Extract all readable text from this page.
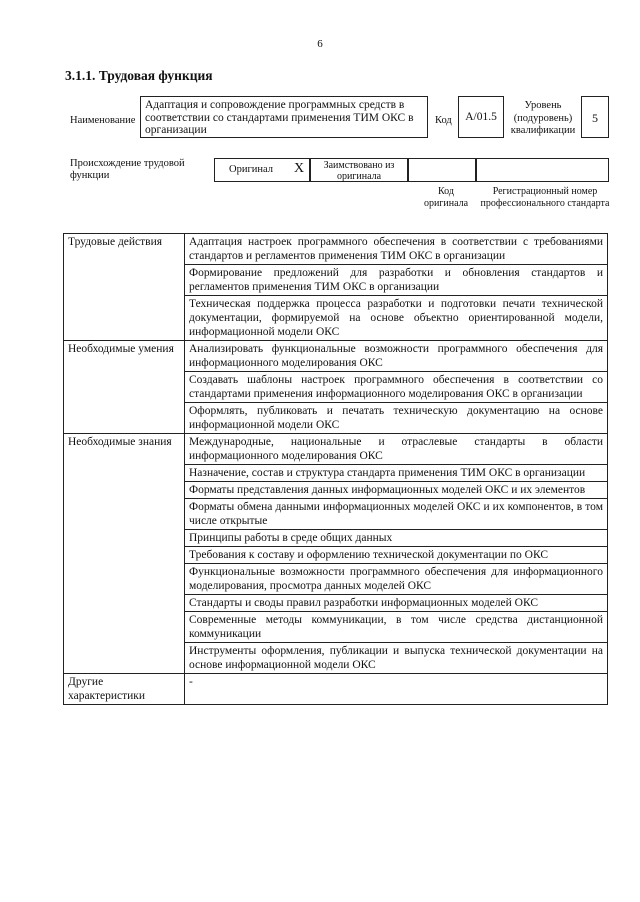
6
3.1.1. Трудовая функция
Наименование
Адаптация и сопровождение программных средств в соответствии со стандартами применения ТИМ ОКС в организации
Код	A/01.5
Уровень (подуровень) квалификации
5
Происхождение трудовой функции
Оригинал	X	Заимствовано из оригинала
Код оригинала
Регистрационный номер профессионального стандарта
Трудовые действия	Адаптация настроек программного обеспечения в соответствии с требованиями стандартов и регламентов применения ТИМ ОКС в организации
	Формирование предложений для разработки и обновления стандартов и регламентов применения ТИМ ОКС в организации
	Техническая поддержка процесса разработки и подготовки печати технической документации, формируемой на основе объектно ориентированной модели, информационной модели ОКС
Необходимые умения	Анализировать функциональные возможности программного обеспечения для информационного моделирования ОКС
	Создавать шаблоны настроек программного обеспечения в соответствии со стандартами применения информационного моделирования ОКС в организации
	Оформлять, публиковать и печатать техническую документацию на основе информационной модели ОКС
Необходимые знания	Международные, национальные и отраслевые стандарты в области информационного моделирования ОКС
	Назначение, состав и структура стандарта применения ТИМ ОКС в организации
	Форматы представления данных информационных моделей ОКС и их элементов
	Форматы обмена данными информационных моделей ОКС и их компонентов, в том числе открытые
	Принципы работы в среде общих данных
	Требования к составу и оформлению технической документации по ОКС
	Функциональные возможности программного обеспечения для информационного моделирования, просмотра данных моделей ОКС
	Стандарты и своды правил разработки информационных моделей ОКС
	Современные методы коммуникации, в том числе средства дистанционной коммуникации
	Инструменты оформления, публикации и выпуска технической документации на основе информационной модели ОКС
Другие характеристики	-
